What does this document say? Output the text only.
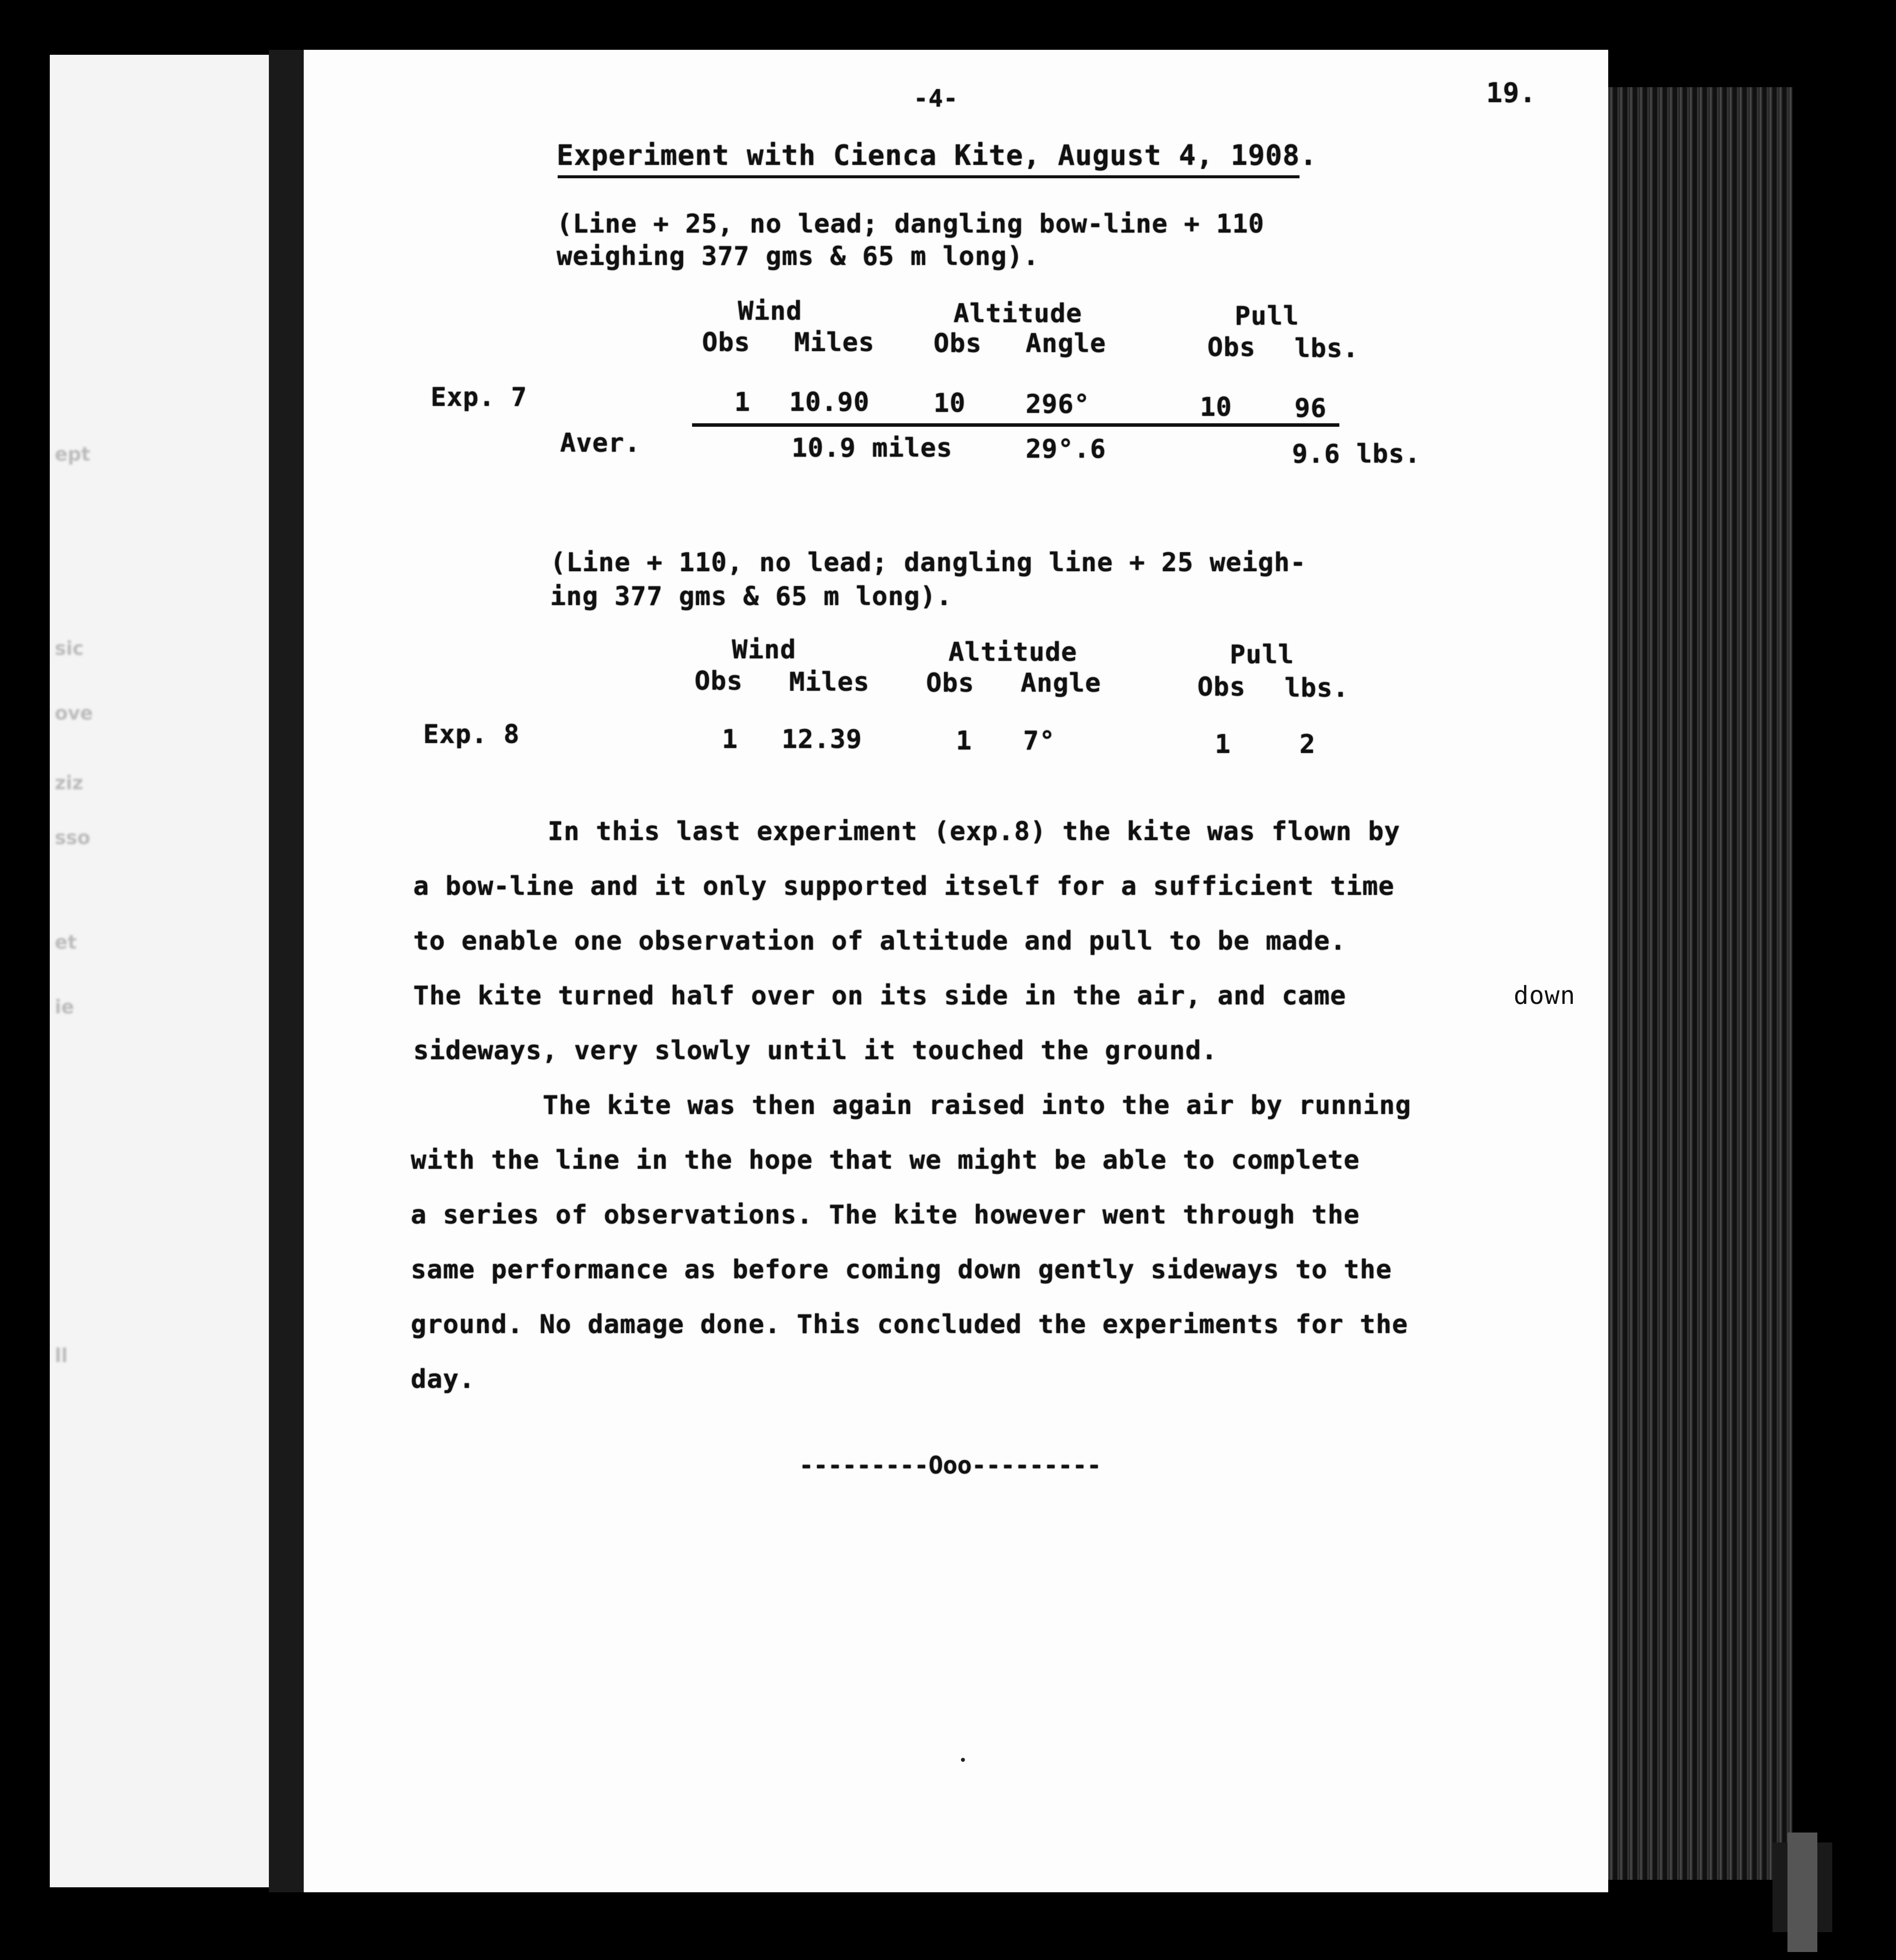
ept
sic
ove
ziz
sso
et
ie
ll
-4-	19.
Experiment with Cienca Kite, August 4, 1908.
(Line + 25, no lead; dangling bow-line + 110
weighing 377 gms & 65 m long).
Wind	Altitude	Pull
Obs Miles Obs Angle	Obs lbs.
Exp. 7	1 10.90 10 296°	10 96
Aver.	10.9 miles	29°.6	9.6 lbs.
(Line + 110, no lead; dangling line + 25 weigh-
ing 377 gms & 65 m long).
Wind	Altitude	Pull
Obs Miles Obs Angle	Obs lbs.
Exp. 8	1 12.39	1 7°	1	2
In this last experiment (exp.8) the kite was flown by
a bow-line and it only supported itself for a sufficient time
to enable one observation of altitude and pull to be made.
The kite turned half over on its side in the air, and came	down
sideways, very slowly until it touched the ground.
The kite was then again raised into the air by running
with the line in the hope that we might be able to complete
a series of observations. The kite however went through the
same performance as before coming down gently sideways to the
ground. No damage done. This concluded the experiments for the
day.
---------Ooo---------
